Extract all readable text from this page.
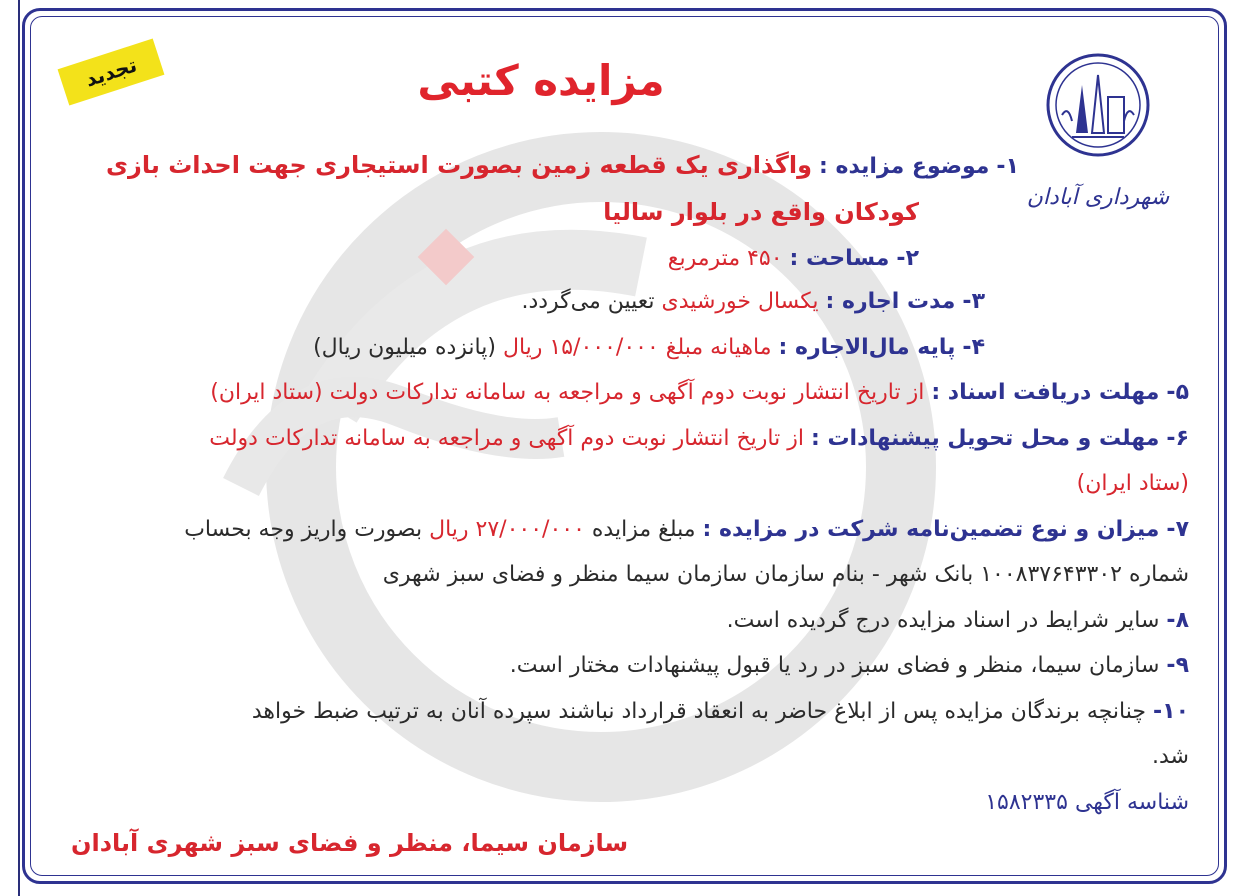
تجدید	مزایده کتبی
شهرداری آبادان
۱- موضوع مزایده : واگذاری یک قطعه زمین بصورت استیجاری جهت احداث بازی
کودکان واقع در بلوار سالیا
۲- مساحت : ۴۵۰ مترمربع
۳- مدت اجاره : یکسال خورشیدی تعیین می‌گردد.
۴- پایه مال‌الاجاره : ماهیانه مبلغ ۱۵/۰۰۰/۰۰۰ ریال (پانزده میلیون ریال)
۵- مهلت دریافت اسناد : از تاریخ انتشار نوبت دوم آگهی و مراجعه به سامانه تدارکات دولت (ستاد ایران)
۶- مهلت و محل تحویل پیشنهادات : از تاریخ انتشار نوبت دوم آگهی و مراجعه به سامانه تدارکات دولت
(ستاد ایران)
۷- میزان و نوع تضمین‌نامه شرکت در مزایده : مبلغ مزایده ۲۷/۰۰۰/۰۰۰ ریال بصورت واریز وجه بحساب
شماره ۱۰۰۸۳۷۶۴۳۳۰۲ بانک شهر - بنام سازمان سازمان سیما منظر و فضای سبز شهری
۸- سایر شرایط در اسناد مزایده درج گردیده است.
۹- سازمان سیما، منظر و فضای سبز در رد یا قبول پیشنهادات مختار است.
۱۰- چنانچه برندگان مزایده پس از ابلاغ حاضر به انعقاد قرارداد نباشند سپرده آنان به ترتیب ضبط خواهد
شد.
شناسه آگهی ۱۵۸۲۳۳۵
سازمان سیما، منظر و فضای سبز شهری آبادان
